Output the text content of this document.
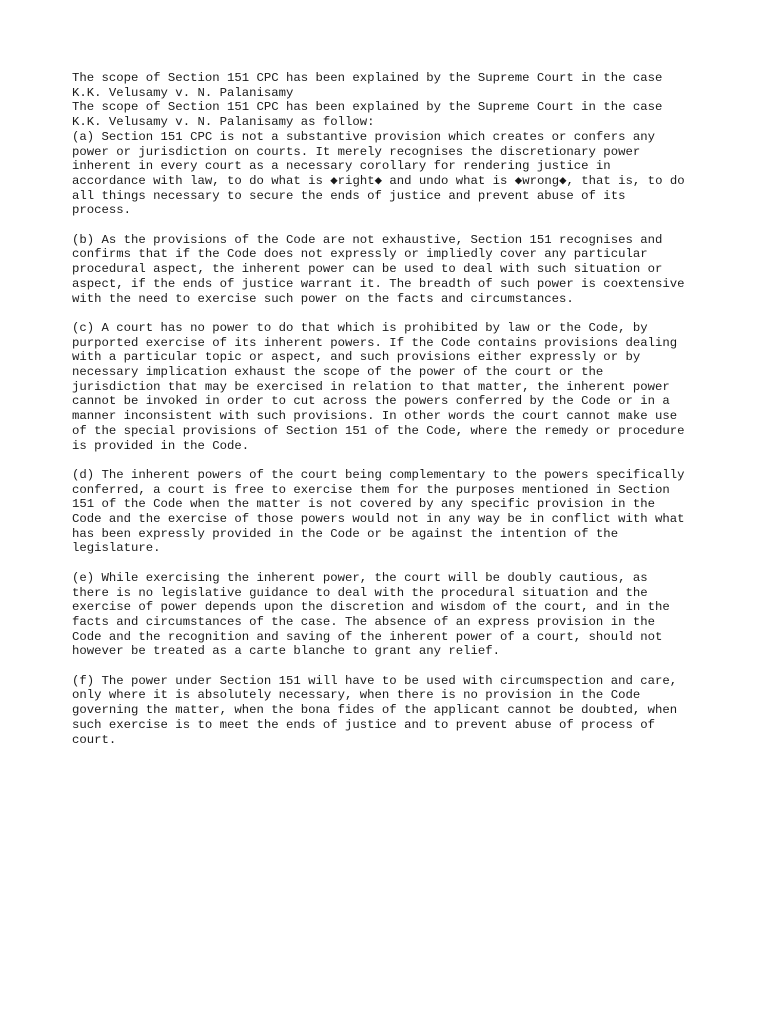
The scope of Section 151 CPC has been explained by the Supreme Court in the case
K.K. Velusamy v. N. Palanisamy
The scope of Section 151 CPC has been explained by the Supreme Court in the case
K.K. Velusamy v. N. Palanisamy as follow:
(a) Section 151 CPC is not a substantive provision which creates or confers any
power or jurisdiction on courts. It merely recognises the discretionary power
inherent in every court as a necessary corollary for rendering justice in
accordance with law, to do what is ◆right◆ and undo what is ◆wrong◆, that is, to do
all things necessary to secure the ends of justice and prevent abuse of its
process.
(b) As the provisions of the Code are not exhaustive, Section 151 recognises and
confirms that if the Code does not expressly or impliedly cover any particular
procedural aspect, the inherent power can be used to deal with such situation or
aspect, if the ends of justice warrant it. The breadth of such power is coextensive
with the need to exercise such power on the facts and circumstances.
(c) A court has no power to do that which is prohibited by law or the Code, by
purported exercise of its inherent powers. If the Code contains provisions dealing
with a particular topic or aspect, and such provisions either expressly or by
necessary implication exhaust the scope of the power of the court or the
jurisdiction that may be exercised in relation to that matter, the inherent power
cannot be invoked in order to cut across the powers conferred by the Code or in a
manner inconsistent with such provisions. In other words the court cannot make use
of the special provisions of Section 151 of the Code, where the remedy or procedure
is provided in the Code.
(d) The inherent powers of the court being complementary to the powers specifically
conferred, a court is free to exercise them for the purposes mentioned in Section
151 of the Code when the matter is not covered by any specific provision in the
Code and the exercise of those powers would not in any way be in conflict with what
has been expressly provided in the Code or be against the intention of the
legislature.
(e) While exercising the inherent power, the court will be doubly cautious, as
there is no legislative guidance to deal with the procedural situation and the
exercise of power depends upon the discretion and wisdom of the court, and in the
facts and circumstances of the case. The absence of an express provision in the
Code and the recognition and saving of the inherent power of a court, should not
however be treated as a carte blanche to grant any relief.
(f) The power under Section 151 will have to be used with circumspection and care,
only where it is absolutely necessary, when there is no provision in the Code
governing the matter, when the bona fides of the applicant cannot be doubted, when
such exercise is to meet the ends of justice and to prevent abuse of process of
court.
